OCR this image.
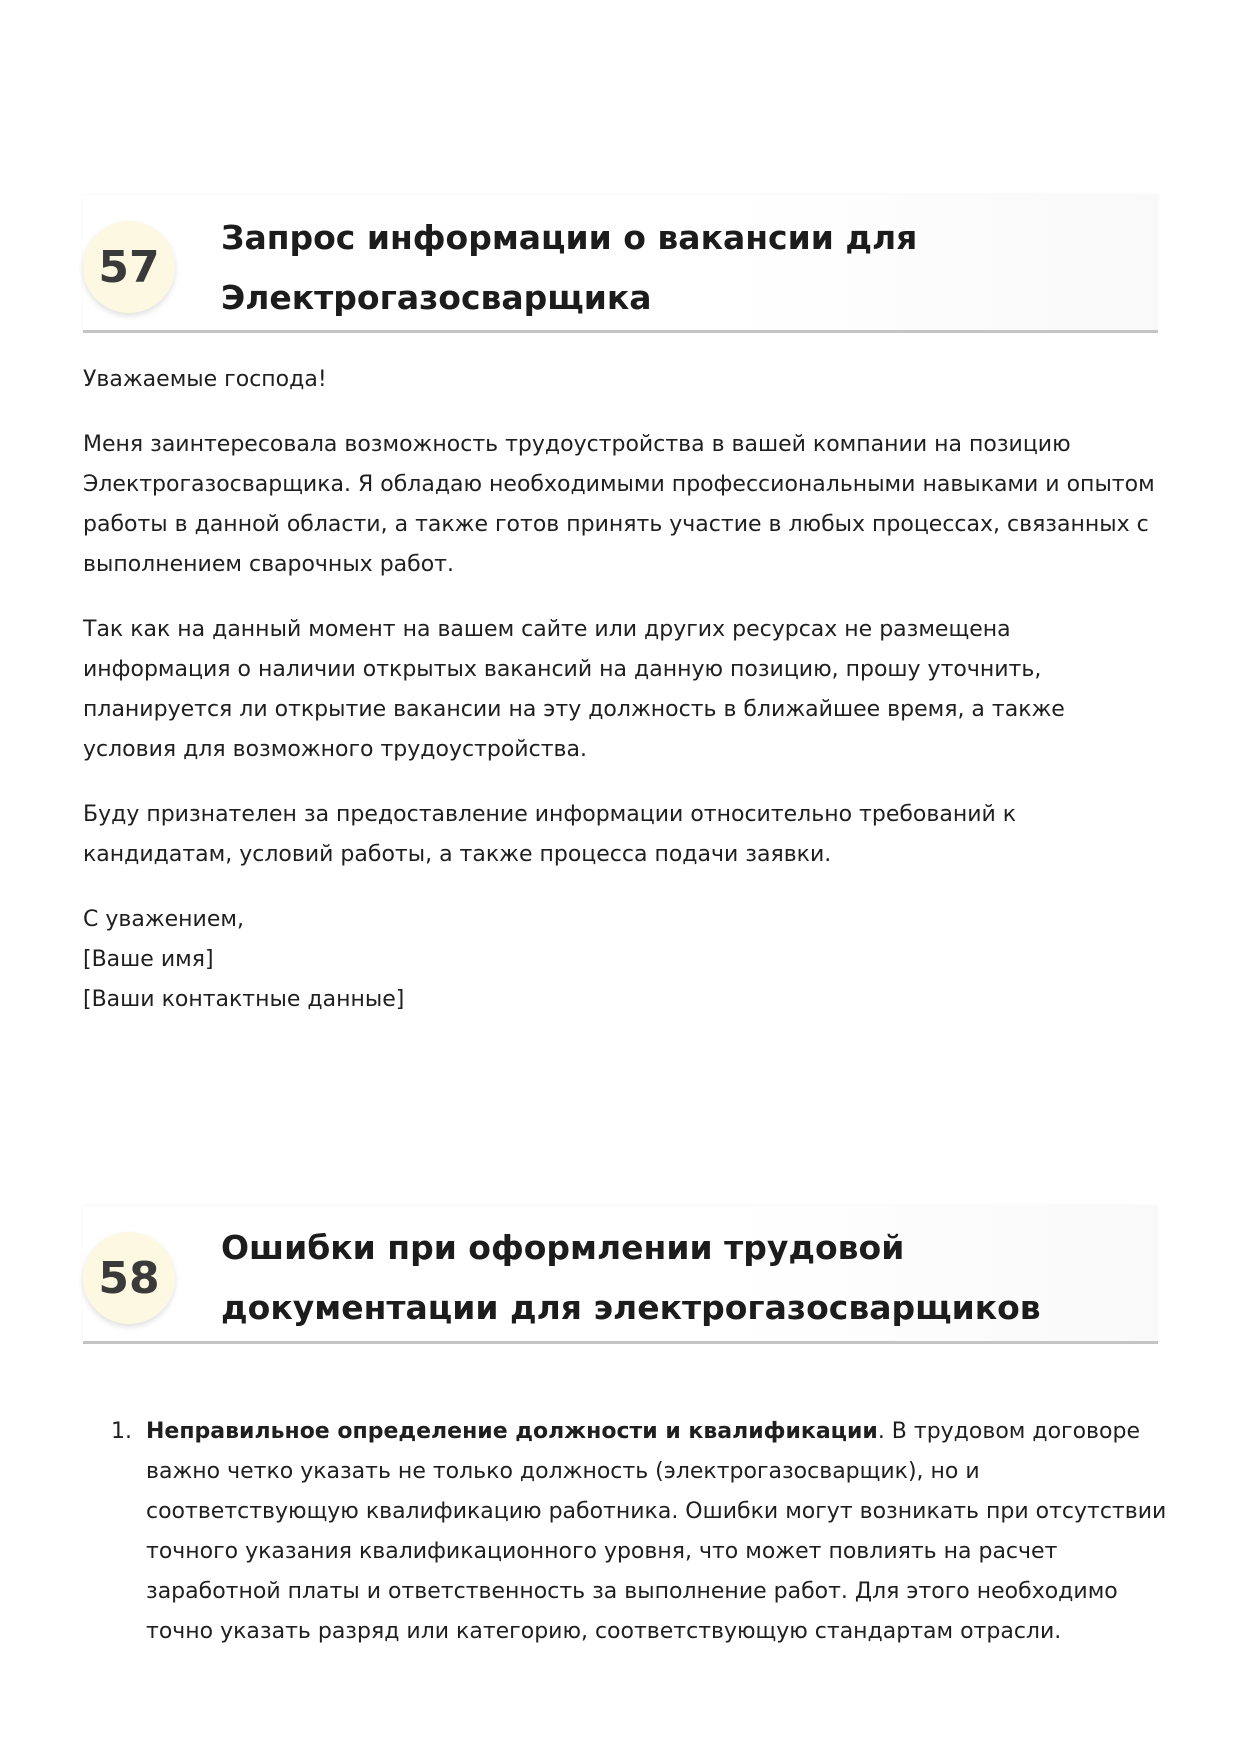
57
Запрос информации о вакансии для
Электрогазосварщика

Уважаемые господа!

Меня заинтересовала возможность трудоустройства в вашей компании на позицию Электрогазосварщика. Я обладаю необходимыми профессиональными навыками и опытом работы в данной области, а также готов принять участие в любых процессах, связанных с выполнением сварочных работ.

Так как на данный момент на вашем сайте или других ресурсах не размещена информация о наличии открытых вакансий на данную позицию, прошу уточнить, планируется ли открытие вакансии на эту должность в ближайшее время, а также условия для возможного трудоустройства.

Буду признателен за предоставление информации относительно требований к кандидатам, условий работы, а также процесса подачи заявки.

С уважением,

[Ваше имя]

[Ваши контактные данные]

58
Ошибки при оформлении трудовой
документации для электрогазосварщиков
1. Неправильное определение должности и квалификации. В трудовом договоре важно четко указать не только должность (электрогазосварщик), но и соответствующую квалификацию работника. Ошибки могут возникать при отсутствии точного указания квалификационного уровня, что может повлиять на расчет заработной платы и ответственность за выполнение работ. Для этого необходимо точно указать разряд или категорию, соответствующую стандартам отрасли.
